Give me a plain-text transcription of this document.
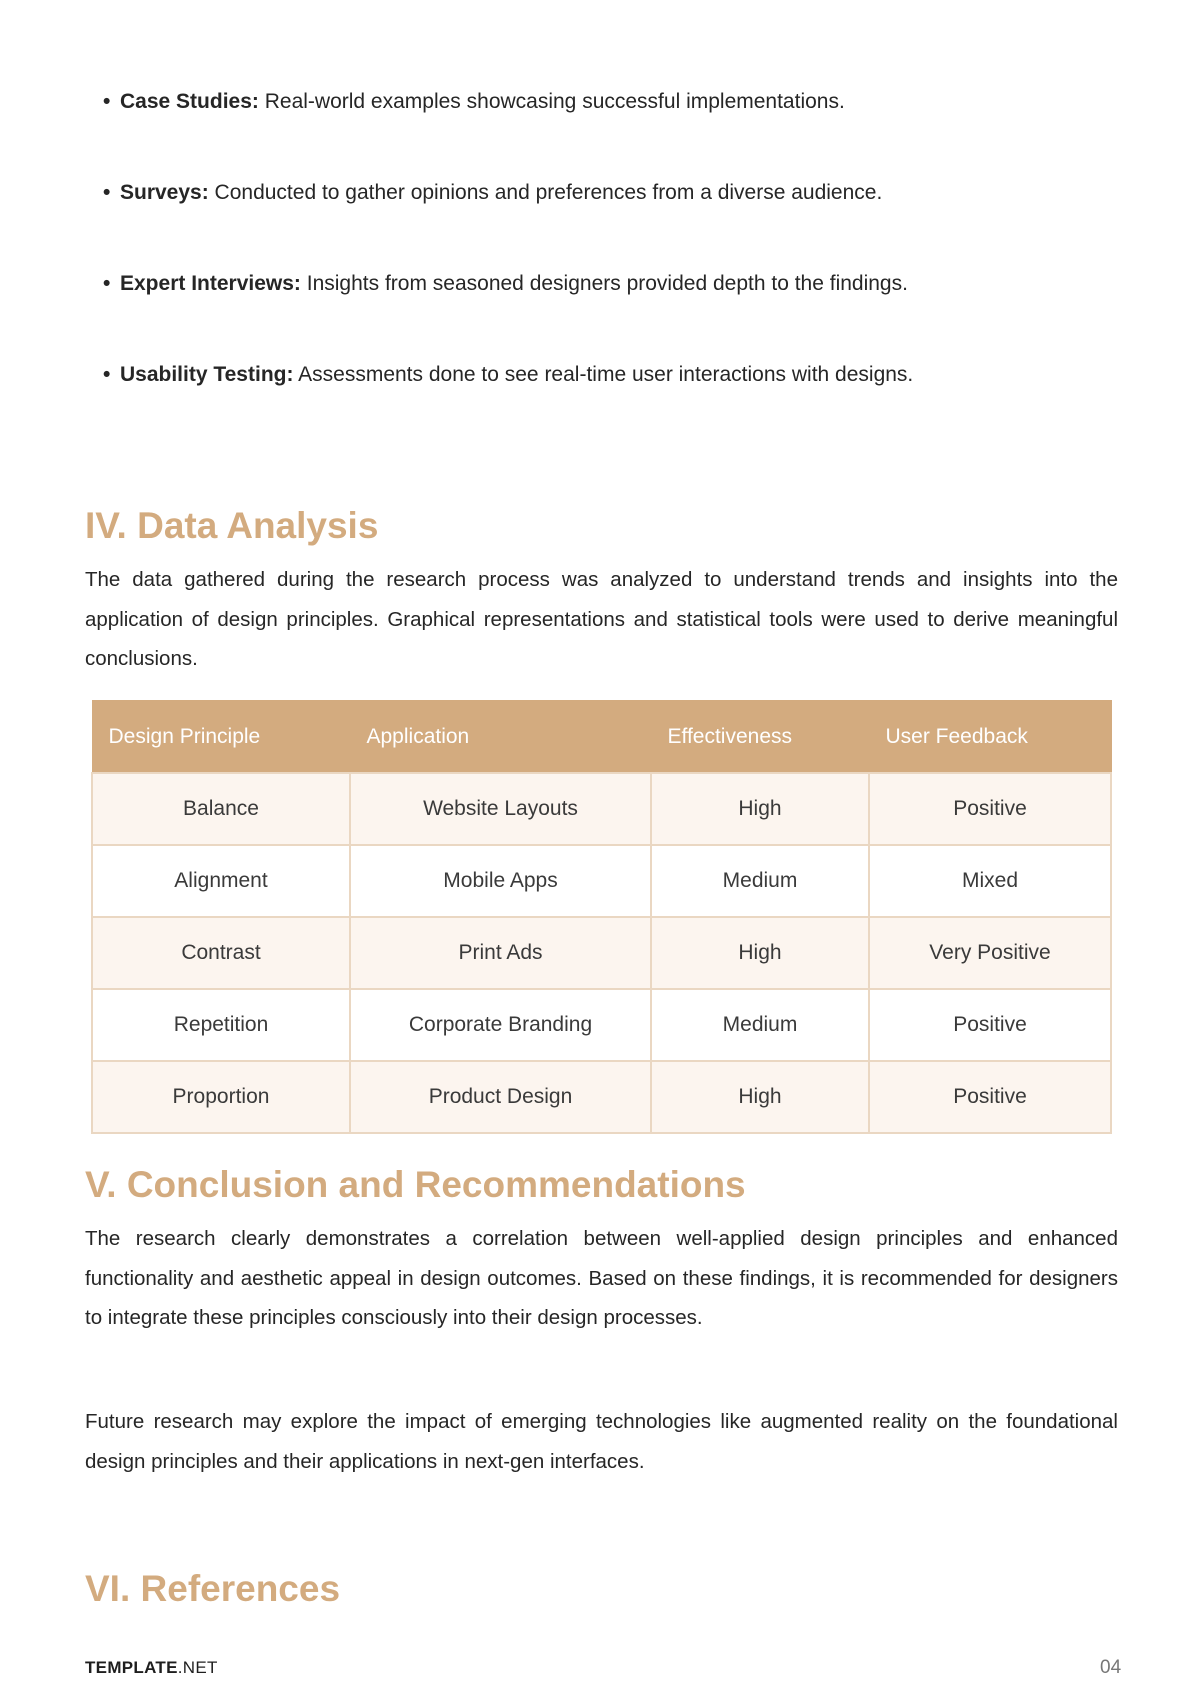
• Case Studies: Real-world examples showcasing successful implementations.
• Surveys: Conducted to gather opinions and preferences from a diverse audience.
• Expert Interviews: Insights from seasoned designers provided depth to the findings.
• Usability Testing: Assessments done to see real-time user interactions with designs.
IV. Data Analysis

The data gathered during the research process was analyzed to understand trends and insights into the application of design principles. Graphical representations and statistical tools were used to derive meaningful conclusions.

Design Principle	Application	Effectiveness	User Feedback
Balance	Website Layouts	High	Positive
Alignment	Mobile Apps	Medium	Mixed
Contrast	Print Ads	High	Very Positive
Repetition	Corporate Branding	Medium	Positive
Proportion	Product Design	High	Positive
V. Conclusion and Recommendations

The research clearly demonstrates a correlation between well-applied design principles and enhanced functionality and aesthetic appeal in design outcomes. Based on these findings, it is recommended for designers to integrate these principles consciously into their design processes.

Future research may explore the impact of emerging technologies like augmented reality on the foundational design principles and their applications in next-gen interfaces.

VI. References
TEMPLATE.NET	04
